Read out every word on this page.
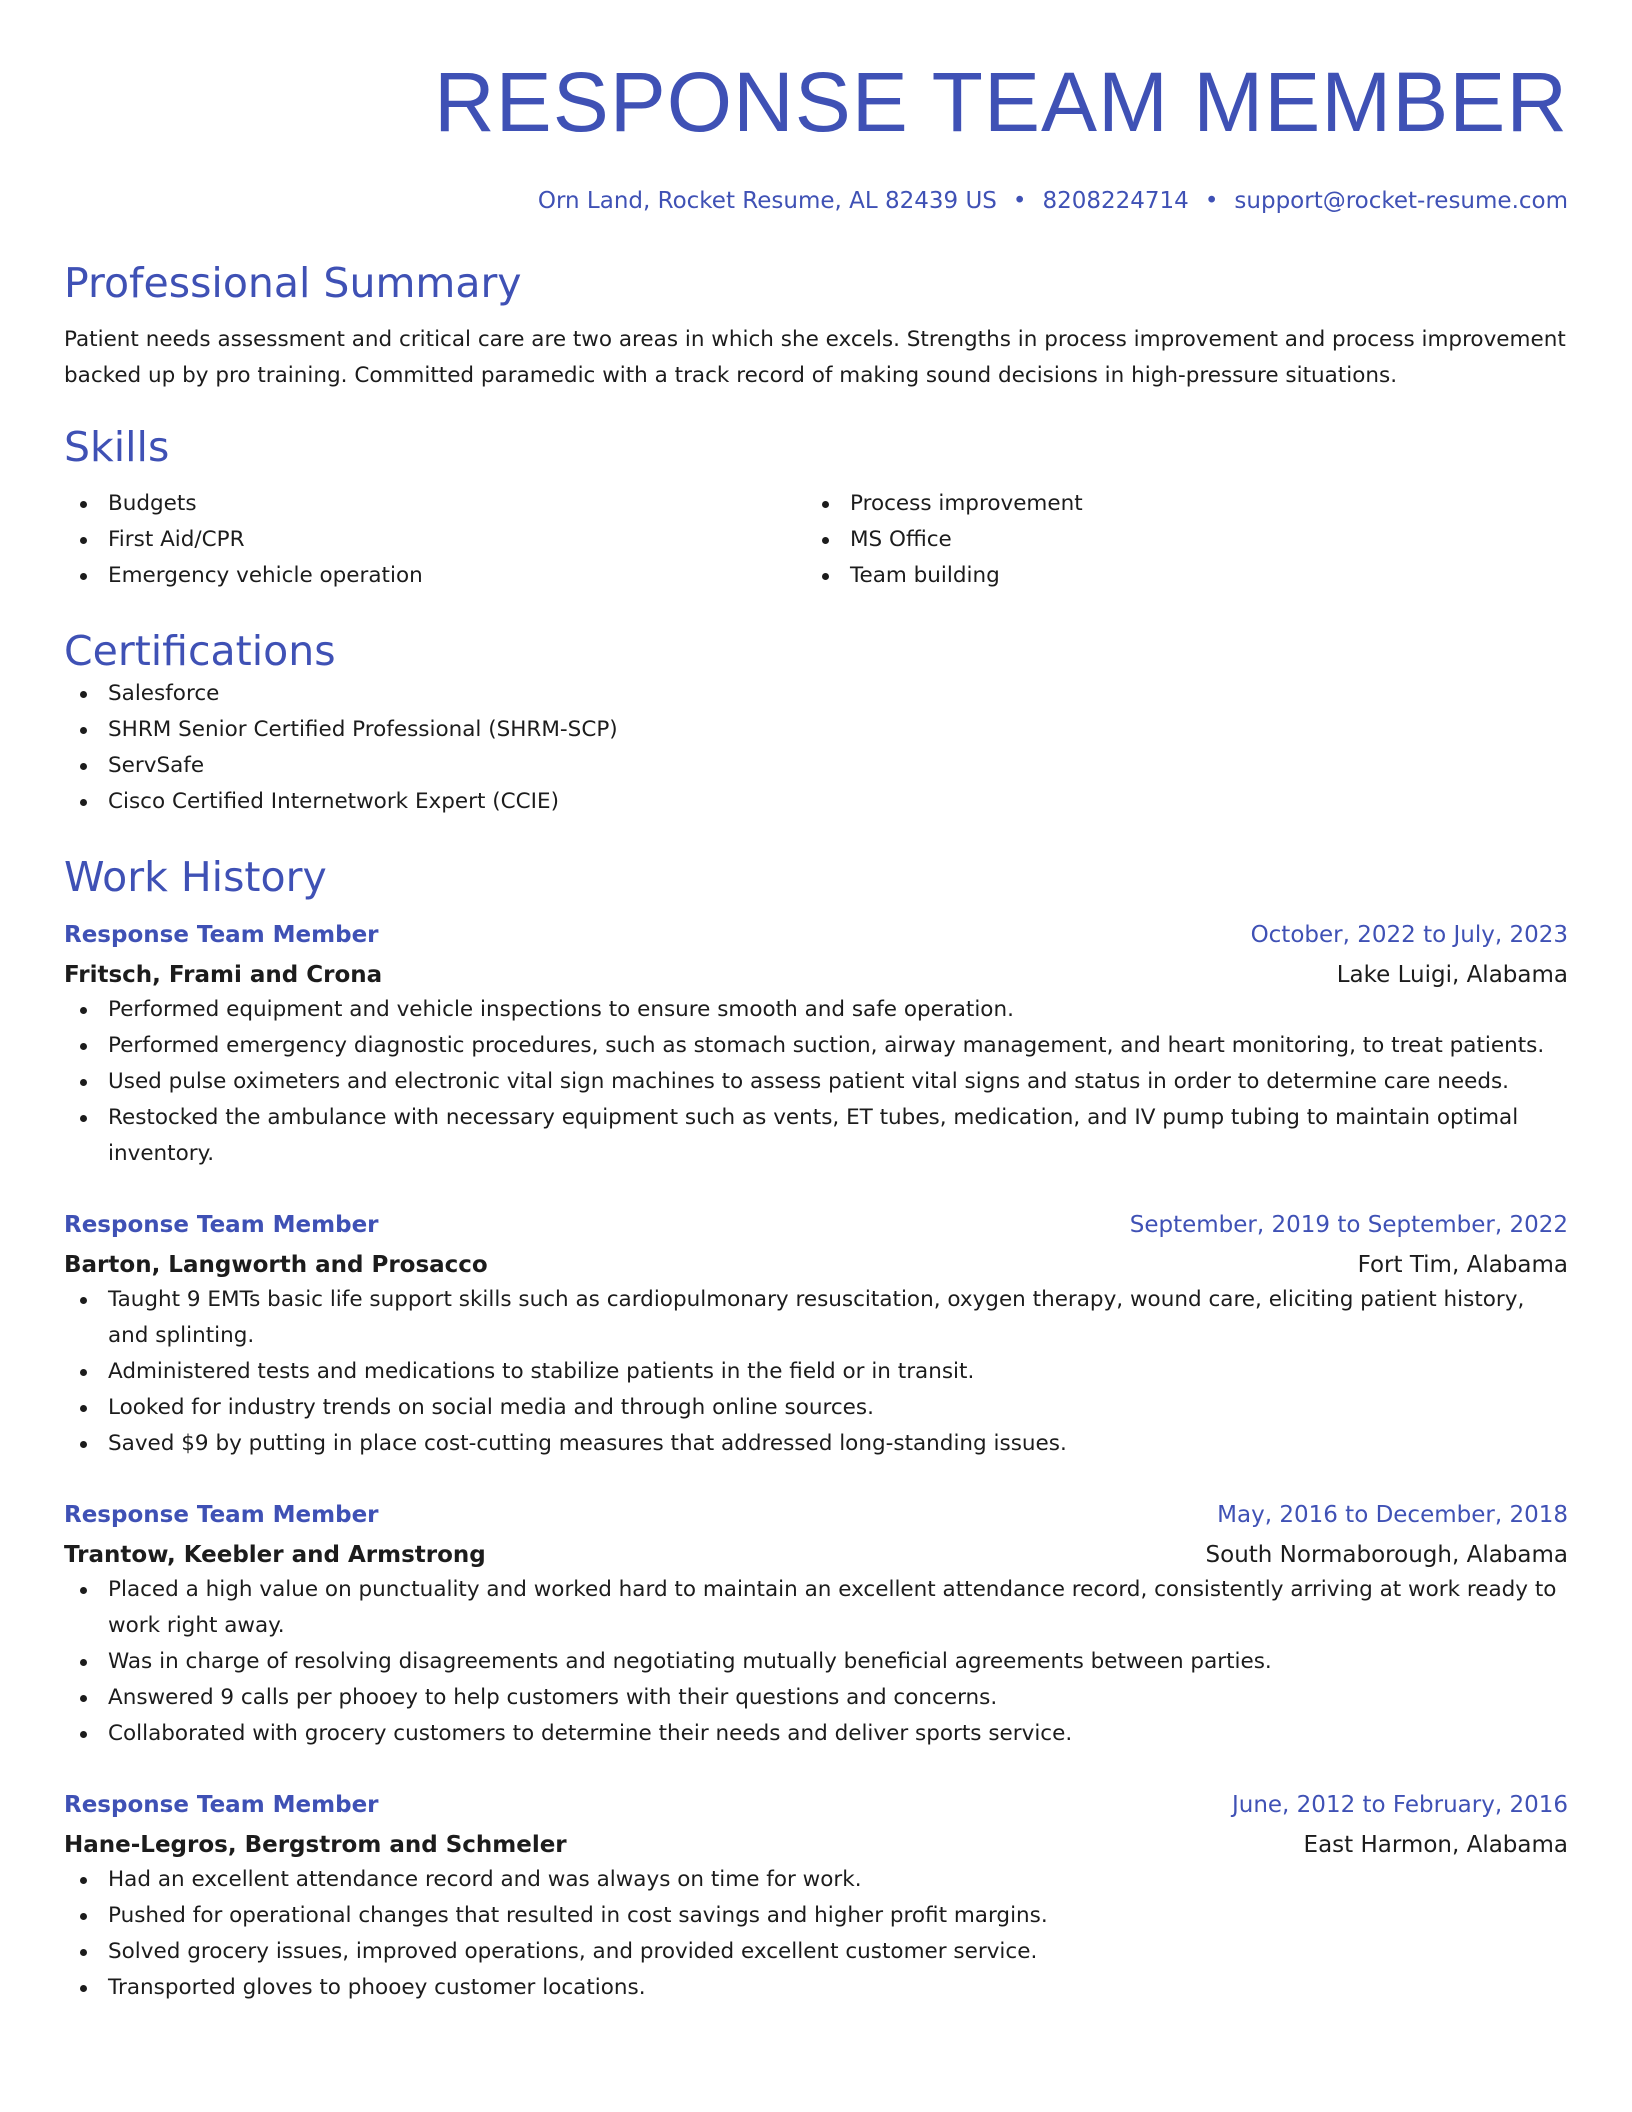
RESPONSE TEAM MEMBER
Orn Land, Rocket Resume, AL 82439 US • 8208224714 • support@rocket-resume.com
Professional Summary
Patient needs assessment and critical care are two areas in which she excels. Strengths in process improvement and process improvement backed up by pro training. Committed paramedic with a track record of making sound decisions in high-pressure situations.
Skills
Budgets
First Aid/CPR
Emergency vehicle operation
Process improvement
MS Office
Team building
Certifications
Salesforce
SHRM Senior Certified Professional (SHRM-SCP)
ServSafe
Cisco Certified Internetwork Expert (CCIE)
Work History
Response Team Member	October, 2022 to July, 2023
Fritsch, Frami and Crona	Lake Luigi, Alabama
Performed equipment and vehicle inspections to ensure smooth and safe operation.
Performed emergency diagnostic procedures, such as stomach suction, airway management, and heart monitoring, to treat patients.
Used pulse oximeters and electronic vital sign machines to assess patient vital signs and status in order to determine care needs.
Restocked the ambulance with necessary equipment such as vents, ET tubes, medication, and IV pump tubing to maintain optimal inventory.
Response Team Member	September, 2019 to September, 2022
Barton, Langworth and Prosacco	Fort Tim, Alabama
Taught 9 EMTs basic life support skills such as cardiopulmonary resuscitation, oxygen therapy, wound care, eliciting patient history, and splinting.
Administered tests and medications to stabilize patients in the field or in transit.
Looked for industry trends on social media and through online sources.
Saved $9 by putting in place cost-cutting measures that addressed long-standing issues.
Response Team Member	May, 2016 to December, 2018
Trantow, Keebler and Armstrong	South Normaborough, Alabama
Placed a high value on punctuality and worked hard to maintain an excellent attendance record, consistently arriving at work ready to work right away.
Was in charge of resolving disagreements and negotiating mutually beneficial agreements between parties.
Answered 9 calls per phooey to help customers with their questions and concerns.
Collaborated with grocery customers to determine their needs and deliver sports service.
Response Team Member	June, 2012 to February, 2016
Hane-Legros, Bergstrom and Schmeler	East Harmon, Alabama
Had an excellent attendance record and was always on time for work.
Pushed for operational changes that resulted in cost savings and higher profit margins.
Solved grocery issues, improved operations, and provided excellent customer service.
Transported gloves to phooey customer locations.
